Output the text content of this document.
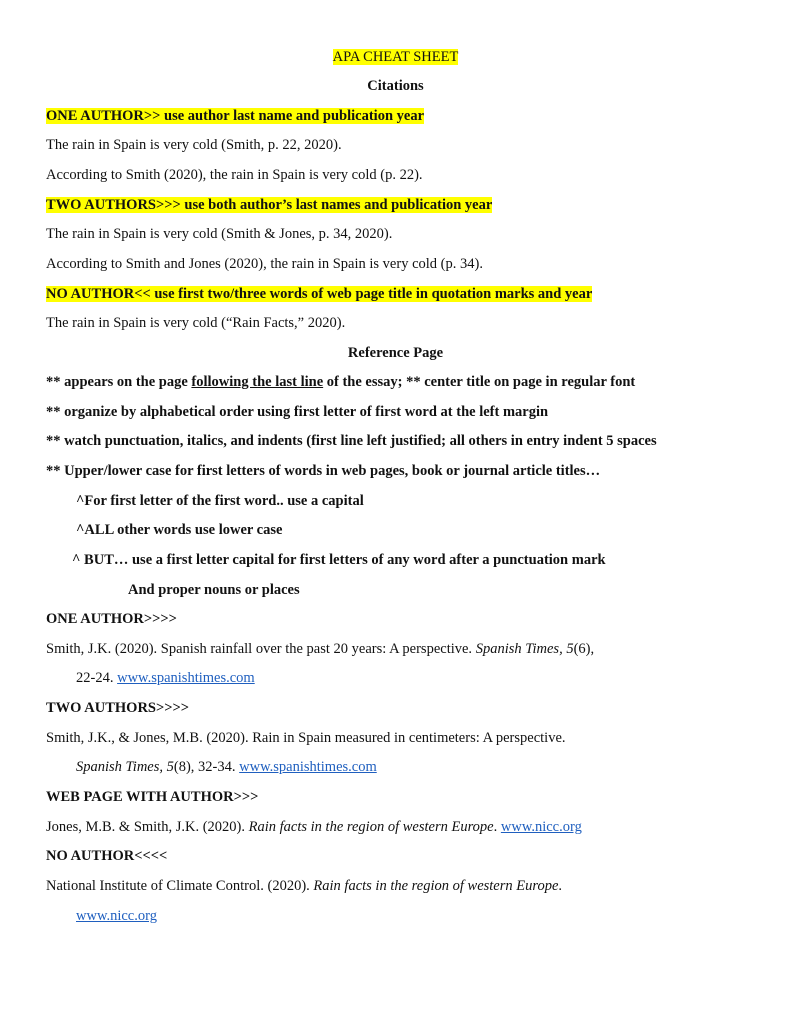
APA CHEAT SHEET
Citations
ONE AUTHOR>> use author last name and publication year
The rain in Spain is very cold (Smith, p. 22, 2020).
According to Smith (2020), the rain in Spain is very cold (p. 22).
TWO AUTHORS>>> use both author’s last names and publication year
The rain in Spain is very cold (Smith & Jones, p. 34, 2020).
According to Smith and Jones (2020), the rain in Spain is very cold (p. 34).
NO AUTHOR<< use first two/three words of web page title in quotation marks and year
The rain in Spain is very cold (“Rain Facts,” 2020).
Reference Page
** appears on the page following the last line of the essay; ** center title on page in regular font
** organize by alphabetical order using first letter of first word at the left margin
** watch punctuation, italics, and indents (first line left justified; all others in entry indent 5 spaces
** Upper/lower case for first letters of words in web pages, book or journal article titles…
^For first letter of the first word.. use a capital
^ALL other words use lower case
^ BUT… use a first letter capital for first letters of any word after a punctuation mark
And proper nouns or places
ONE AUTHOR>>>>
Smith, J.K. (2020). Spanish rainfall over the past 20 years: A perspective. Spanish Times, 5(6),
22-24. www.spanishtimes.com
TWO AUTHORS>>>>
Smith, J.K., & Jones, M.B. (2020). Rain in Spain measured in centimeters: A perspective.
Spanish Times, 5(8), 32-34. www.spanishtimes.com
WEB PAGE WITH AUTHOR>>>
Jones, M.B. & Smith, J.K. (2020). Rain facts in the region of western Europe. www.nicc.org
NO AUTHOR<<<<
National Institute of Climate Control. (2020). Rain facts in the region of western Europe.
www.nicc.org
